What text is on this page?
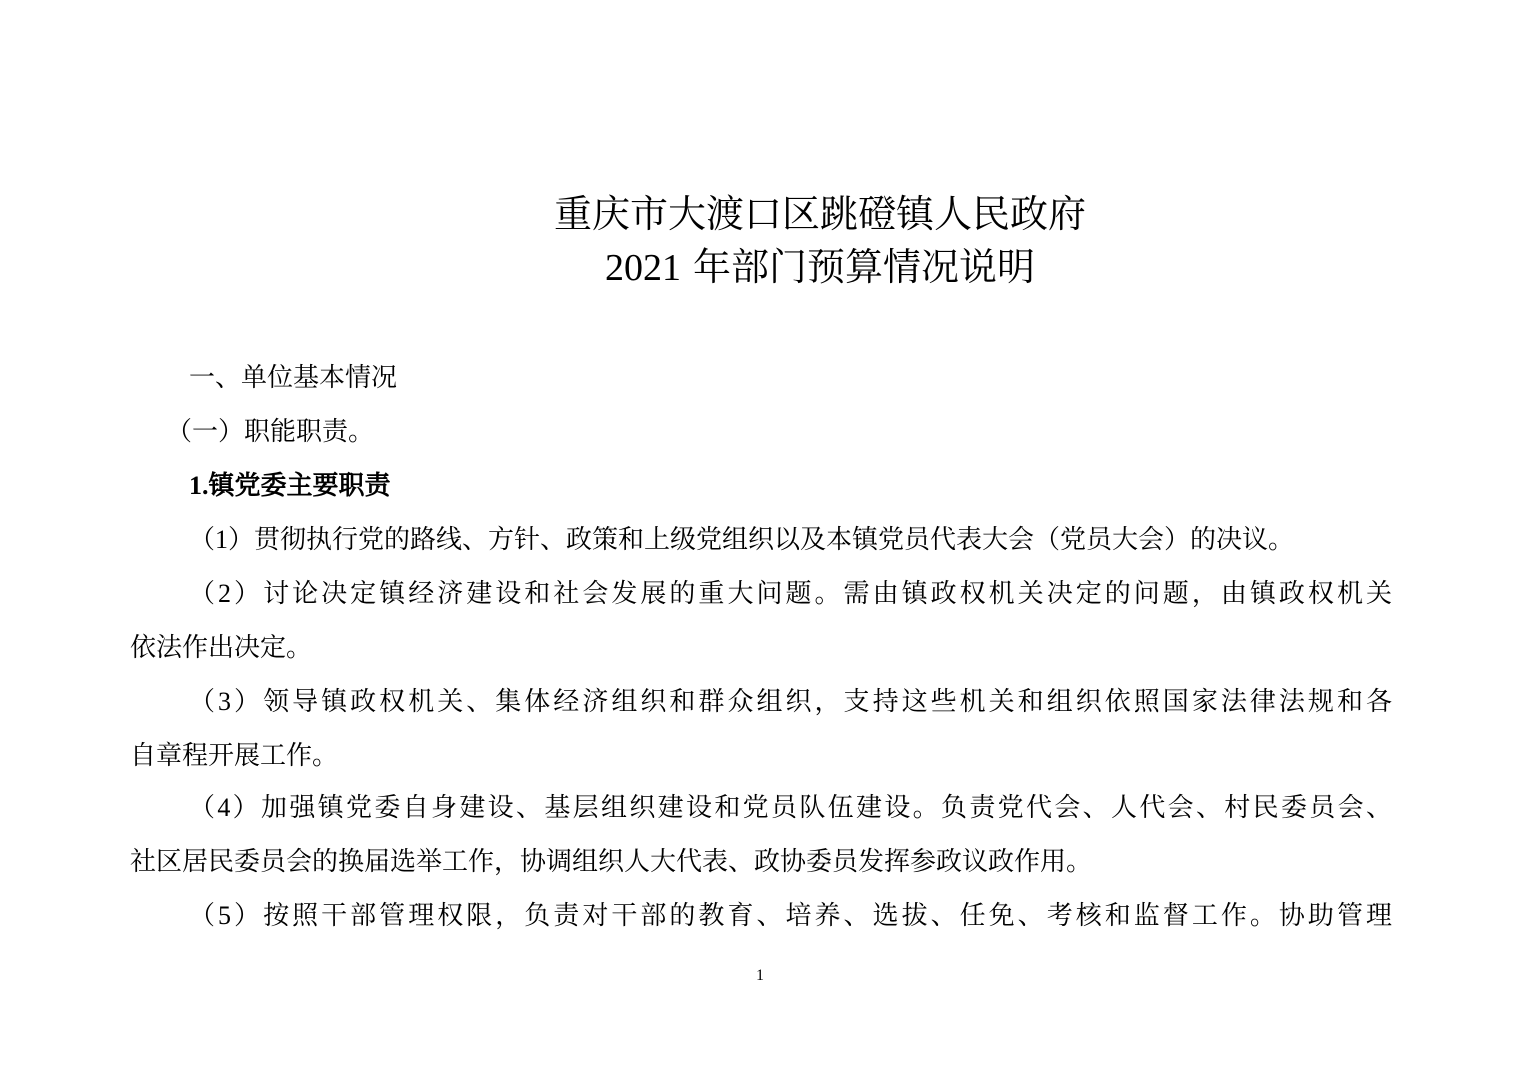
重庆市大渡口区跳磴镇人民政府
2021 年部门预算情况说明
一、单位基本情况
（一）职能职责。
1.镇党委主要职责
（1）贯彻执行党的路线、方针、政策和上级党组织以及本镇党员代表大会（党员大会）的决议。
（2）讨论决定镇经济建设和社会发展的重大问题。需由镇政权机关决定的问题，由镇政权机关
依法作出决定。
（3）领导镇政权机关、集体经济组织和群众组织，支持这些机关和组织依照国家法律法规和各
自章程开展工作。
（4）加强镇党委自身建设、基层组织建设和党员队伍建设。负责党代会、人代会、村民委员会、
社区居民委员会的换届选举工作，协调组织人大代表、政协委员发挥参政议政作用。
（5）按照干部管理权限，负责对干部的教育、培养、选拔、任免、考核和监督工作。协助管理
1
